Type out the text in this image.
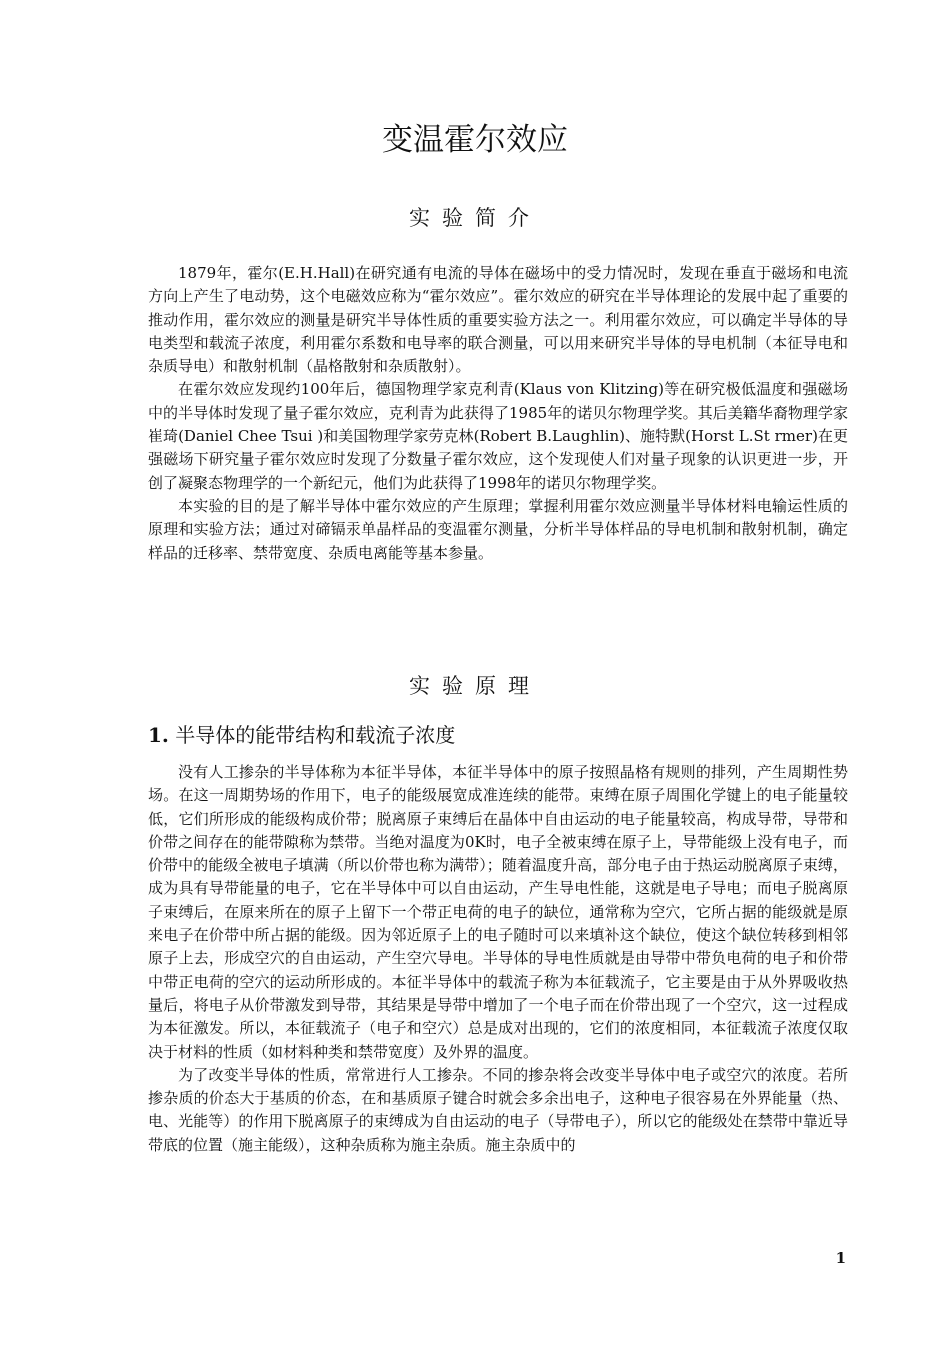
变温霍尔效应
实验简介

1879年，霍尔(E.H.Hall)在研究通有电流的导体在磁场中的受力情况时，发现在垂直于磁场和电流方向上产生了电动势，这个电磁效应称为“霍尔效应”。霍尔效应的研究在半导体理论的发展中起了重要的推动作用，霍尔效应的测量是研究半导体性质的重要实验方法之一。利用霍尔效应，可以确定半导体的导电类型和载流子浓度，利用霍尔系数和电导率的联合测量，可以用来研究半导体的导电机制（本征导电和杂质导电）和散射机制（晶格散射和杂质散射）。

在霍尔效应发现约100年后，德国物理学家克利青(Klaus von Klitzing)等在研究极低温度和强磁场中的半导体时发现了量子霍尔效应，克利青为此获得了1985年的诺贝尔物理学奖。其后美籍华裔物理学家崔琦(Daniel Chee Tsui )和美国物理学家劳克林(Robert B.Laughlin)、施特默(Horst L.St rmer)在更强磁场下研究量子霍尔效应时发现了分数量子霍尔效应，这个发现使人们对量子现象的认识更进一步，开创了凝聚态物理学的一个新纪元，他们为此获得了1998年的诺贝尔物理学奖。

本实验的目的是了解半导体中霍尔效应的产生原理；掌握利用霍尔效应测量半导体材料电输运性质的原理和实验方法；通过对碲镉汞单晶样品的变温霍尔测量，分析半导体样品的导电机制和散射机制，确定样品的迁移率、禁带宽度、杂质电离能等基本参量。

实验原理
1. 半导体的能带结构和载流子浓度

没有人工掺杂的半导体称为本征半导体，本征半导体中的原子按照晶格有规则的排列，产生周期性势场。在这一周期势场的作用下，电子的能级展宽成准连续的能带。束缚在原子周围化学键上的电子能量较低，它们所形成的能级构成价带；脱离原子束缚后在晶体中自由运动的电子能量较高，构成导带，导带和价带之间存在的能带隙称为禁带。当绝对温度为0K时，电子全被束缚在原子上，导带能级上没有电子，而价带中的能级全被电子填满（所以价带也称为满带）；随着温度升高，部分电子由于热运动脱离原子束缚，成为具有导带能量的电子，它在半导体中可以自由运动，产生导电性能，这就是电子导电；而电子脱离原子束缚后，在原来所在的原子上留下一个带正电荷的电子的缺位，通常称为空穴，它所占据的能级就是原来电子在价带中所占据的能级。因为邻近原子上的电子随时可以来填补这个缺位，使这个缺位转移到相邻原子上去，形成空穴的自由运动，产生空穴导电。半导体的导电性质就是由导带中带负电荷的电子和价带中带正电荷的空穴的运动所形成的。本征半导体中的载流子称为本征载流子，它主要是由于从外界吸收热量后，将电子从价带激发到导带，其结果是导带中增加了一个电子而在价带出现了一个空穴，这一过程成为本征激发。所以，本征载流子（电子和空穴）总是成对出现的，它们的浓度相同，本征载流子浓度仅取决于材料的性质（如材料种类和禁带宽度）及外界的温度。

为了改变半导体的性质，常常进行人工掺杂。不同的掺杂将会改变半导体中电子或空穴的浓度。若所掺杂质的价态大于基质的价态，在和基质原子键合时就会多余出电子，这种电子很容易在外界能量（热、电、光能等）的作用下脱离原子的束缚成为自由运动的电子（导带电子），所以它的能级处在禁带中靠近导带底的位置（施主能级），这种杂质称为施主杂质。施主杂质中的

1
